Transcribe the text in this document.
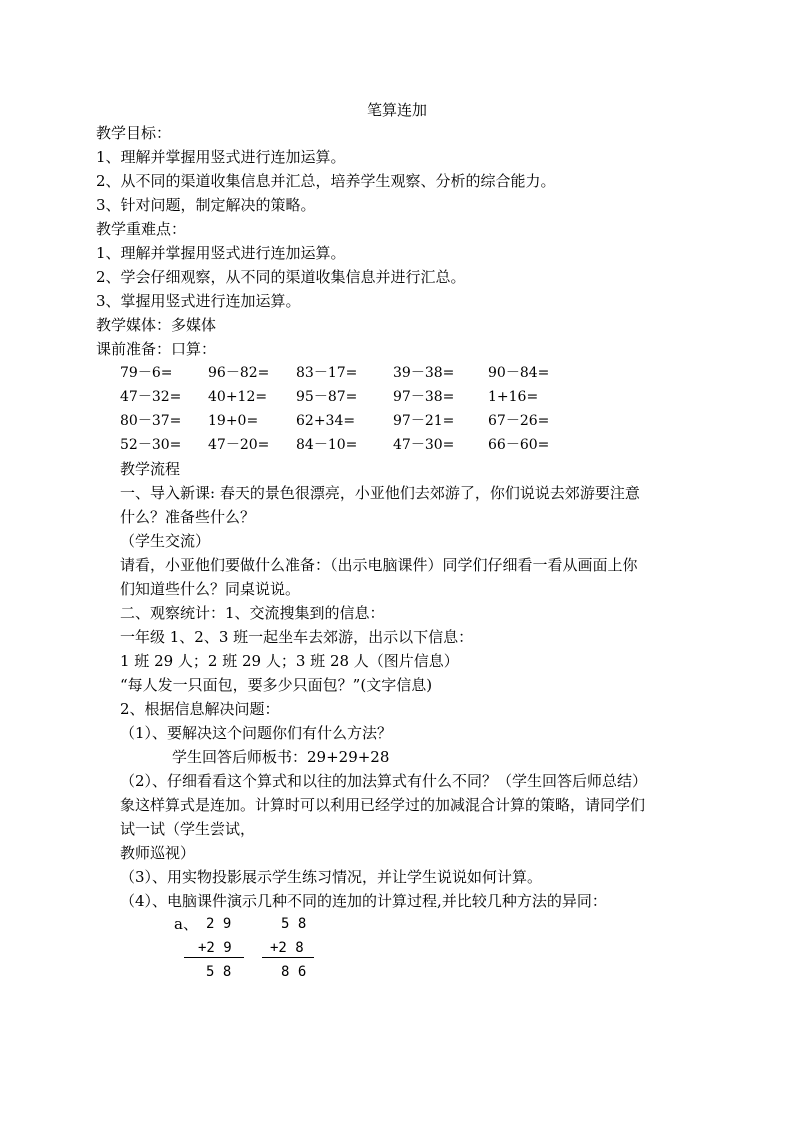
笔算连加
教学目标：
1、理解并掌握用竖式进行连加运算。
2、从不同的渠道收集信息并汇总，培养学生观察、分析的综合能力。
3、针对问题，制定解决的策略。
教学重难点：
1、理解并掌握用竖式进行连加运算。
2、学会仔细观察，从不同的渠道收集信息并进行汇总。
3、掌握用竖式进行连加运算。
教学媒体：多媒体
课前准备：口算：
79－6=	96－82= 83－17=	39－38= 90－84=
47－32= 40+12= 95－87=	97－38= 1+16=
80－37= 19+0=	62+34=	97－21= 67－26=
52－30= 47－20= 84－10=	47－30= 66－60=
教学流程
一、导入新课: 春天的景色很漂亮，小亚他们去郊游了，你们说说去郊游要注意
什么？准备些什么？
（学生交流）
请看，小亚他们要做什么准备：（出示电脑课件）同学们仔细看一看从画面上你
们知道些什么？同桌说说。
二、观察统计：1、交流搜集到的信息：
一年级 1、2、3 班一起坐车去郊游，出示以下信息：
1 班 29 人；2 班 29 人；3 班 28 人（图片信息）
“每人发一只面包，要多少只面包？”(文字信息)
2、根据信息解决问题：
（1）、要解决这个问题你们有什么方法？
学生回答后师板书：29+29+28
（2）、仔细看看这个算式和以往的加法算式有什么不同？（学生回答后师总结）
象这样算式是连加。计算时可以利用已经学过的加减混合计算的策略，请同学们
试一试（学生尝试，
教师巡视）
（3）、用实物投影展示学生练习情况，并让学生说说如何计算。
（4）、电脑课件演示几种不同的连加的计算过程,并比较几种方法的异同：
a、 2 9
+2 9
5 8
5 8
+2 8
8 6
